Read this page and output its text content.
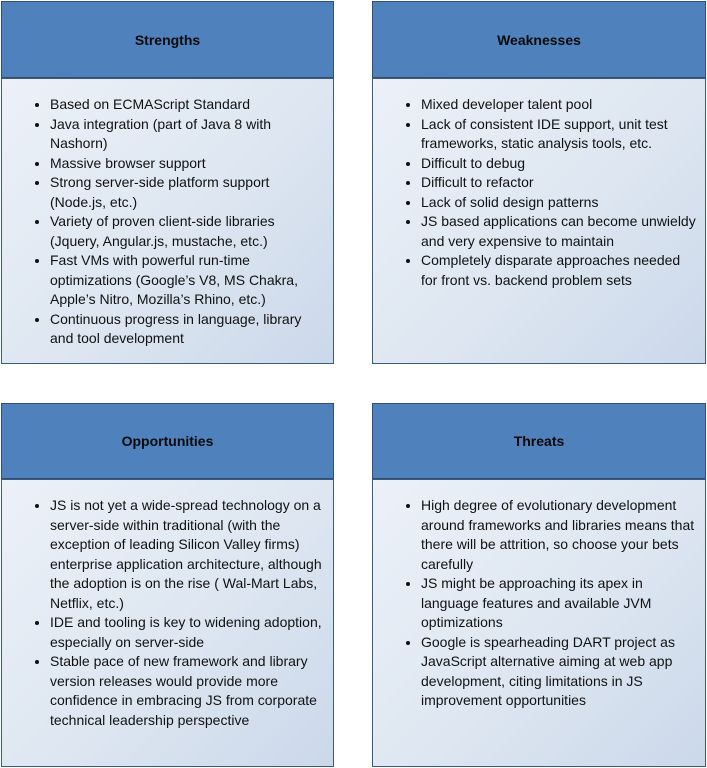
Strengths
• Based on ECMAScript Standard
• Java integration (part of Java 8 with Nashorn)
• Massive browser support
• Strong server-side platform support (Node.js, etc.)
• Variety of proven client-side libraries (Jquery, Angular.js, mustache, etc.)
• Fast VMs with powerful run-time optimizations (Google’s V8, MS Chakra, Apple’s Nitro, Mozilla’s Rhino, etc.)
• Continuous progress in language, library and tool development
Weaknesses
• Mixed developer talent pool
• Lack of consistent IDE support, unit test frameworks, static analysis tools, etc.
• Difficult to debug
• Difficult to refactor
• Lack of solid design patterns
• JS based applications can become unwieldy and very expensive to maintain
• Completely disparate approaches needed for front vs. backend problem sets
Opportunities
• JS is not yet a wide-spread technology on a server-side within traditional (with the exception of leading Silicon Valley firms) enterprise application architecture, although the adoption is on the rise ( Wal-Mart Labs, Netflix, etc.)
• IDE and tooling is key to widening adoption, especially on server-side
• Stable pace of new framework and library version releases would provide more confidence in embracing JS from corporate technical leadership perspective
Threats
• High degree of evolutionary development around frameworks and libraries means that there will be attrition, so choose your bets carefully
• JS might be approaching its apex in language features and available JVM optimizations
• Google is spearheading DART project as JavaScript alternative aiming at web app development, citing limitations in JS improvement opportunities
